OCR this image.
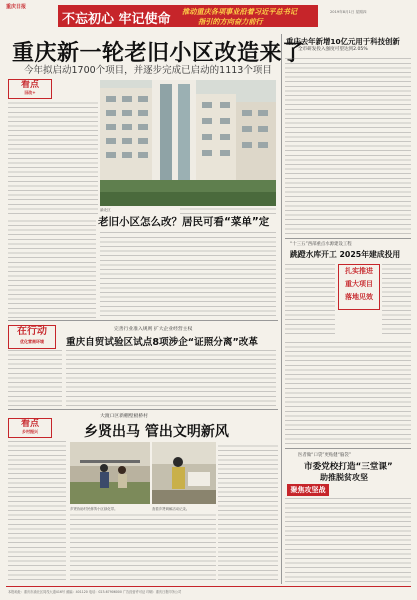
重庆日报
不忘初心 牢记使命
推动重庆各项事业沿着习近平总书记
指引的方向奋力前行
2019年8月1日 星期四
重庆新一轮老旧小区改造来了
今年拟启动1700个项目，并逐步完成已启动的1113个项目
看点
旧改+
渝北区
老旧小区怎么改？居民可看“菜单”定
重庆去年新增10亿元用于科技创新
全市研发投入强度可望达到2.05%
“十三五”西部重点水源建设工程
跳蹬水库开工 2025年建成投用
扎实推进
重大项目
落地见效
医者做“口袋”更贴健“脑袋”
市委党校打造“三堂课”
助推脱贫攻坚
聚焦攻坚战
在行动
优化营商环境
完善行业准入规则 扩大企业经营主权
重庆自贸试验区试点8项涉企“证照分离”改革
大渡口区新棚壁板桥村
乡贤出马 管出文明新风
看点
乡村振兴
乡贤协助村民修剪小区绿化带。	查看乡贤调解活动记录。
本报地址：重庆市渝北区同茂大道416号 邮编：401120 电话：023-67906000 广告经营许可证 印刷：重庆日报印务公司
